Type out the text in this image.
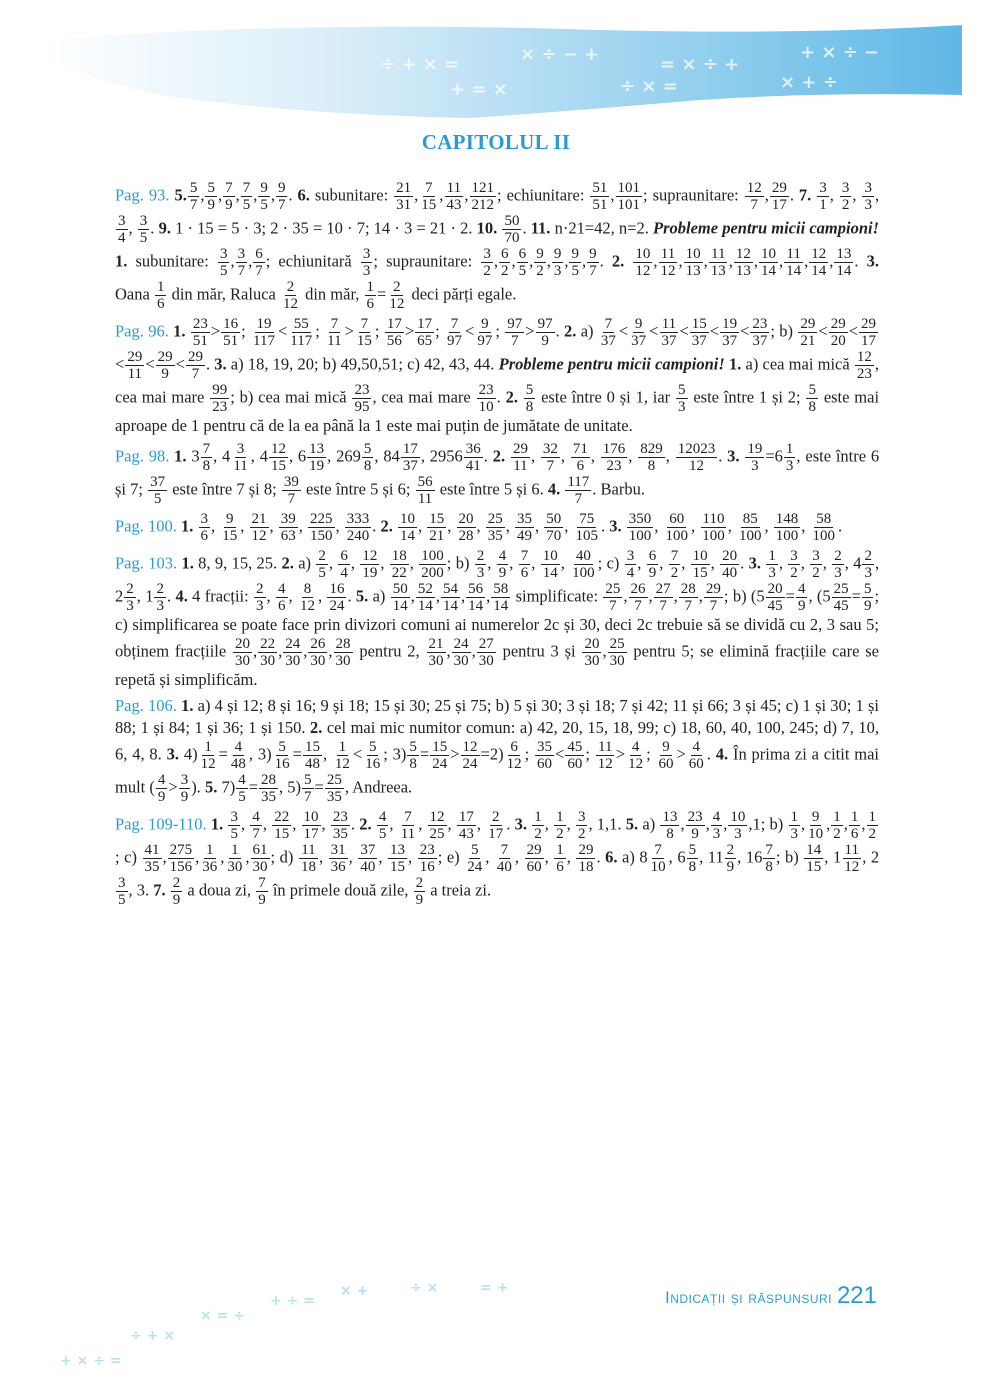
÷ + × =	× ÷ − +	= × ÷ +
+ × ÷ −
+ = ×	÷ × =	× + ÷
+ × ÷ =
÷ + ×
× = ÷
+ ÷ =
× +	÷ ×	= +
CAPITOLUL II

Pag. 93. 5. $\frac{5}{7}$ , $\frac{5}{9}$ , $\frac{7}{9}$ , $\frac{7}{5}$ , $\frac{9}{5}$ , $\frac{9}{7}$ . 6. subunitare: $\frac{21}{31}$ , $\frac{7}{15}$ , $\frac{11}{43}$ , $\frac{121}{212}$ ; echiunitare: $\frac{51}{51}$ , $\frac{101}{101}$ ; supraunitare: $\frac{12}{7}$ , $\frac{29}{17}$ . 7. $\frac{3}{1}$ , $\frac{3}{2}$ , $\frac{3}{3}$ ,
$\frac{3}{4}$ , $\frac{3}{5}$ . 9. 1 · 15 = 5 · 3; 2 · 35 = 10 · 7; 14 · 3 = 21 · 2. 10. $\frac{50}{70}$ . 11. n·21=42, n=2. Probleme pentru micii campioni! 1. subunitare: $\frac{3}{5}$ , $\frac{3}{7}$ , $\frac{6}{7}$ ; echiunitară $\frac{3}{3}$ ; supraunitare: $\frac{3}{2}$ , $\frac{6}{2}$ , $\frac{6}{5}$ , $\frac{9}{2}$ , $\frac{9}{3}$ , $\frac{9}{5}$ , $\frac{9}{7}$ . 2. $\frac{10}{12}$ , $\frac{11}{12}$ , $\frac{10}{13}$ , $\frac{11}{13}$ , $\frac{12}{13}$ , $\frac{10}{14}$ , $\frac{11}{14}$ , $\frac{12}{14}$ , $\frac{13}{14}$ . 3. Oana $\frac{1}{6}$ din măr, Raluca $\frac{2}{12}$ din măr, $\frac{1}{6} = \frac{2}{12}$ deci părți egale.

Pag. 96. 1. $\frac{23}{51} > \frac{16}{51}$ ; $\frac{19}{117} < \frac{55}{117}$ ; $\frac{7}{11} > \frac{7}{15}$ ; $\frac{17}{56} > \frac{17}{65}$ ; $\frac{7}{97} < \frac{9}{97}$ ; $\frac{97}{7} > \frac{97}{9}$ . 2. $a) \frac{7}{37} < \frac{9}{37} < \frac{11}{37} < \frac{15}{37} < \frac{19}{37} < \frac{23}{37}$ ; $b) \frac{29}{21} < \frac{29}{20} < \frac{29}{17}$
< $\frac{29}{11} < \frac{29}{9} < \frac{29}{7}$ . 3. a) 18, 19, 20; b) 49,50,51; c) 42, 43, 44. Probleme pentru micii campioni! 1. a) cea mai mică $\frac{12}{23}$ , cea mai mare $\frac{99}{23}$ ; b) cea mai mică $\frac{23}{95}$ , cea mai mare $\frac{23}{10}$ . 2. $\frac{5}{8}$ este între 0 și 1, iar $\frac{5}{3}$ este între 1 și 2; $\frac{5}{8}$ este mai aproape de 1 pentru că de la ea până la 1 este mai puțin de jumătate de unitate.

Pag. 98. 1. $3 \frac{7}{8}$ , $4 \frac{3}{11}$ , $4 \frac{12}{15}$ , $6 \frac{13}{19}$ , $269 \frac{5}{8}$ , $84 \frac{17}{37}$ , $2956 \frac{36}{41}$ . 2. $\frac{29}{11}$ , $\frac{32}{7}$ , $\frac{71}{6}$ , $\frac{176}{23}$ , $\frac{829}{8}$ , $\frac{12023}{12}$ . 3. $\frac{19}{3} =6 \frac{1}{3}$ , este între 6 și 7; $\frac{37}{5}$ este între 7 și 8; $\frac{39}{7}$ este între 5 și 6; $\frac{56}{11}$ este între 5 și 6. 4. $\frac{117}{7}$ . Barbu.

Pag. 100. 1. $\frac{3}{6}$ , $\frac{9}{15}$ , $\frac{21}{12}$ , $\frac{39}{63}$ , $\frac{225}{150}$ , $\frac{333}{240}$ . 2. $\frac{10}{14}$ , $\frac{15}{21}$ , $\frac{20}{28}$ , $\frac{25}{35}$ , $\frac{35}{49}$ , $\frac{50}{70}$ , $\frac{75}{105}$ . 3. $\frac{350}{100}$ , $\frac{60}{100}$ , $\frac{110}{100}$ , $\frac{85}{100}$ , $\frac{148}{100}$ , $\frac{58}{100}$ .

Pag. 103. 1. 8, 9, 15, 25. 2. $a) \frac{2}{5}$ , $\frac{6}{4}$ , $\frac{12}{19}$ , $\frac{18}{22}$ , $\frac{100}{200}$ ; $b) \frac{2}{3}$ , $\frac{4}{9}$ , $\frac{7}{6}$ , $\frac{10}{14}$ , $\frac{40}{100}$ ; $c) \frac{3}{4}$ , $\frac{6}{9}$ , $\frac{7}{2}$ , $\frac{10}{15}$ , $\frac{20}{40}$ . 3. $\frac{1}{3}$ , $\frac{3}{2}$ , $\frac{3}{2}$ , $\frac{2}{3}$ , $4 \frac{2}{3}$ , $2 \frac{2}{3}$ , $1 \frac{2}{3}$ . 4. 4 fracții: $\frac{2}{3}$ , $\frac{4}{6}$ , $\frac{8}{12}$ , $\frac{16}{24}$ . 5. $a) \frac{50}{14}$ , $\frac{52}{14}$ , $\frac{54}{14}$ , $\frac{56}{14}$ , $\frac{58}{14}$ simplificate: $\frac{25}{7}$ , $\frac{26}{7}$ , $\frac{27}{7}$ , $\frac{28}{7}$ , $\frac{29}{7}$ ; b) ($5 \frac{20}{45} = \frac{4}{9}$ , ($5 \frac{25}{45} = \frac{5}{9}$ ; c) simplificarea se poate face prin divizori comuni ai numerelor 2c și 30, deci 2c trebuie să se dividă cu 2, 3 sau 5; obținem fracțiile $\frac{20}{30}$ , $\frac{22}{30}$ , $\frac{24}{30}$ , $\frac{26}{30}$ , $\frac{28}{30}$ pentru 2, $\frac{21}{30}$ , $\frac{24}{30}$ , $\frac{27}{30}$ pentru 3 și $\frac{20}{30}$ , $\frac{25}{30}$ pentru 5; se elimină fracțiile care se repetă și simplificăm.

Pag. 106. 1. a) 4 și 12; 8 și 16; 9 și 18; 15 și 30; 25 și 75; b) 5 și 30; 3 și 18; 7 și 42; 11 și 66; 3 și 45; c) 1 și 30; 1 și 88; 1 și 84; 1 și 36; 1 și 150. 2. cel mai mic numitor comun: a) 42, 20, 15, 18, 99; c) 18, 60, 40, 100, 245; d) 7, 10, 6, 4, 8. 3. $4) \frac{1}{12} = \frac{4}{48}$ , $3) \frac{5}{16} = \frac{15}{48}$ , $\frac{1}{12} < \frac{5}{16}$ ; $3) \frac{5}{8} = \frac{15}{24} > \frac{12}{24} =2) \frac{6}{12}$ ; $\frac{35}{60} < \frac{45}{60}$ ; $\frac{11}{12} > \frac{4}{12}$ ; $\frac{9}{60} > \frac{4}{60}$ . 4. În prima zi a citit mai mult ( $\frac{4}{9} > \frac{3}{9}$ ). 5. $7) \frac{4}{5} = \frac{28}{35}$ , $5) \frac{5}{7} = \frac{25}{35}$ , Andreea.

Pag. 109-110. 1. $\frac{3}{5}$ , $\frac{4}{7}$ , $\frac{22}{15}$ , $\frac{10}{17}$ , $\frac{23}{35}$ . 2. $\frac{4}{5}$ , $\frac{7}{11}$ , $\frac{12}{25}$ , $\frac{17}{43}$ , $\frac{2}{17}$ . 3. $\frac{1}{2}$ , $\frac{1}{2}$ , $\frac{3}{2}$ , 1,1. 5. $a) \frac{13}{8}$ , $\frac{23}{9}$ , $\frac{4}{3}$ , $\frac{10}{3} ,1$; $b) \frac{1}{3}$ , $\frac{9}{10}$ , $\frac{1}{2}$ , $\frac{1}{6}$ , $\frac{1}{2}$
; $c) \frac{41}{35}$ , $\frac{275}{156}$ , $\frac{1}{36}$ , $\frac{1}{30}$ , $\frac{61}{30}$ ; $d) \frac{11}{18}$ , $\frac{31}{36}$ , $\frac{37}{40}$ , $\frac{13}{15}$ , $\frac{23}{16}$ ; $e) \frac{5}{24}$ , $\frac{7}{40}$ , $\frac{29}{60}$ , $\frac{1}{6}$ , $\frac{29}{18}$ . 6. a) $8 \frac{7}{10}$ , $6 \frac{5}{8}$ , $11 \frac{2}{9}$ , $16 \frac{7}{8}$ ; $b) \frac{14}{15}$ , $1 \frac{11}{12}$ , 2
$\frac{3}{5}$ , 3. 7. $\frac{2}{9}$ a doua zi, $\frac{7}{9}$ în primele două zile, $\frac{2}{9}$ a treia zi.

Indicații și răspunsuri 221
